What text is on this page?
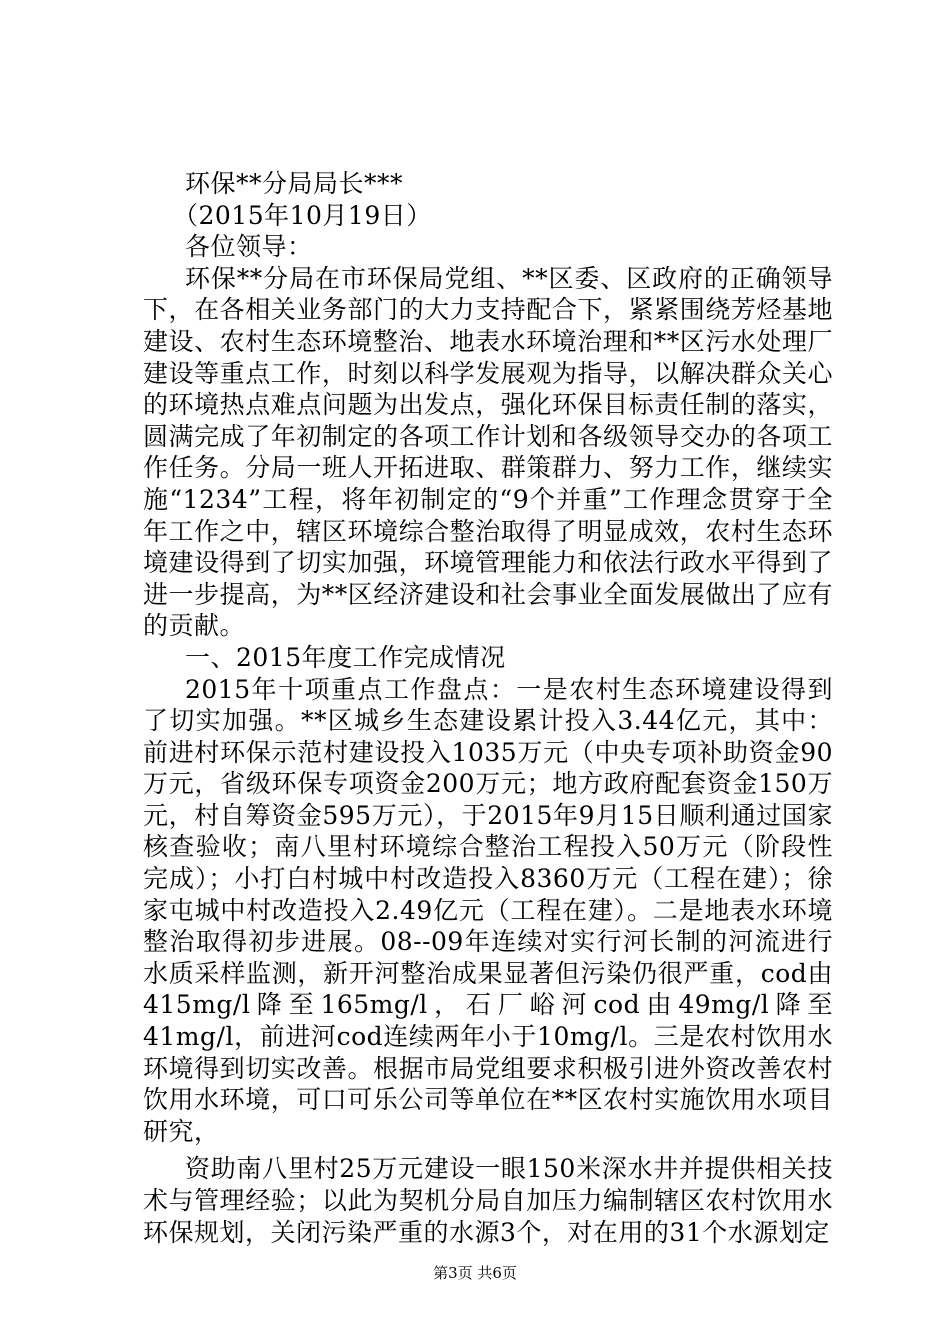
环保**分局局长***

（2015年10月19日）

各位领导：

环保**分局在市环保局党组、**区委、区政府的正确领导下，在各相关业务部门的大力支持配合下，紧紧围绕芳烃基地建设、农村生态环境整治、地表水环境治理和**区污水处理厂建设等重点工作，时刻以科学发展观为指导，以解决群众关心的环境热点难点问题为出发点，强化环保目标责任制的落实，圆满完成了年初制定的各项工作计划和各级领导交办的各项工作任务。分局一班人开拓进取、群策群力、努力工作，继续实施“1234”工程，将年初制定的“9个并重”工作理念贯穿于全年工作之中，辖区环境综合整治取得了明显成效，农村生态环境建设得到了切实加强，环境管理能力和依法行政水平得到了进一步提高，为**区经济建设和社会事业全面发展做出了应有的贡献。

一、2015年度工作完成情况

2015年十项重点工作盘点：一是农村生态环境建设得到了切实加强。**区城乡生态建设累计投入3.44亿元，其中：前进村环保示范村建设投入1035万元（中央专项补助资金90万元，省级环保专项资金200万元；地方政府配套资金150万元，村自筹资金595万元），于2015年9月15日顺利通过国家核查验收；南八里村环境综合整治工程投入50万元（阶段性完成）；小打白村城中村改造投入8360万元（工程在建）；徐家屯城中村改造投入2.49亿元（工程在建）。二是地表水环境整治取得初步进展。08--09年连续对实行河长制的河流进行水质采样监测，新开河整治成果显著但污染仍很严重，cod由415mg/l降至165mg/l，石厂峪河cod由49mg/l降至41mg/l，前进河cod连续两年小于10mg/l。三是农村饮用水环境得到切实改善。根据市局党组要求积极引进外资改善农村饮用水环境，可口可乐公司等单位在**区农村实施饮用水项目研究，

资助南八里村25万元建设一眼150米深水井并提供相关技术与管理经验；以此为契机分局自加压力编制辖区农村饮用水环保规划，关闭污染严重的水源3个，对在用的31个水源划定

第3页 共6页
